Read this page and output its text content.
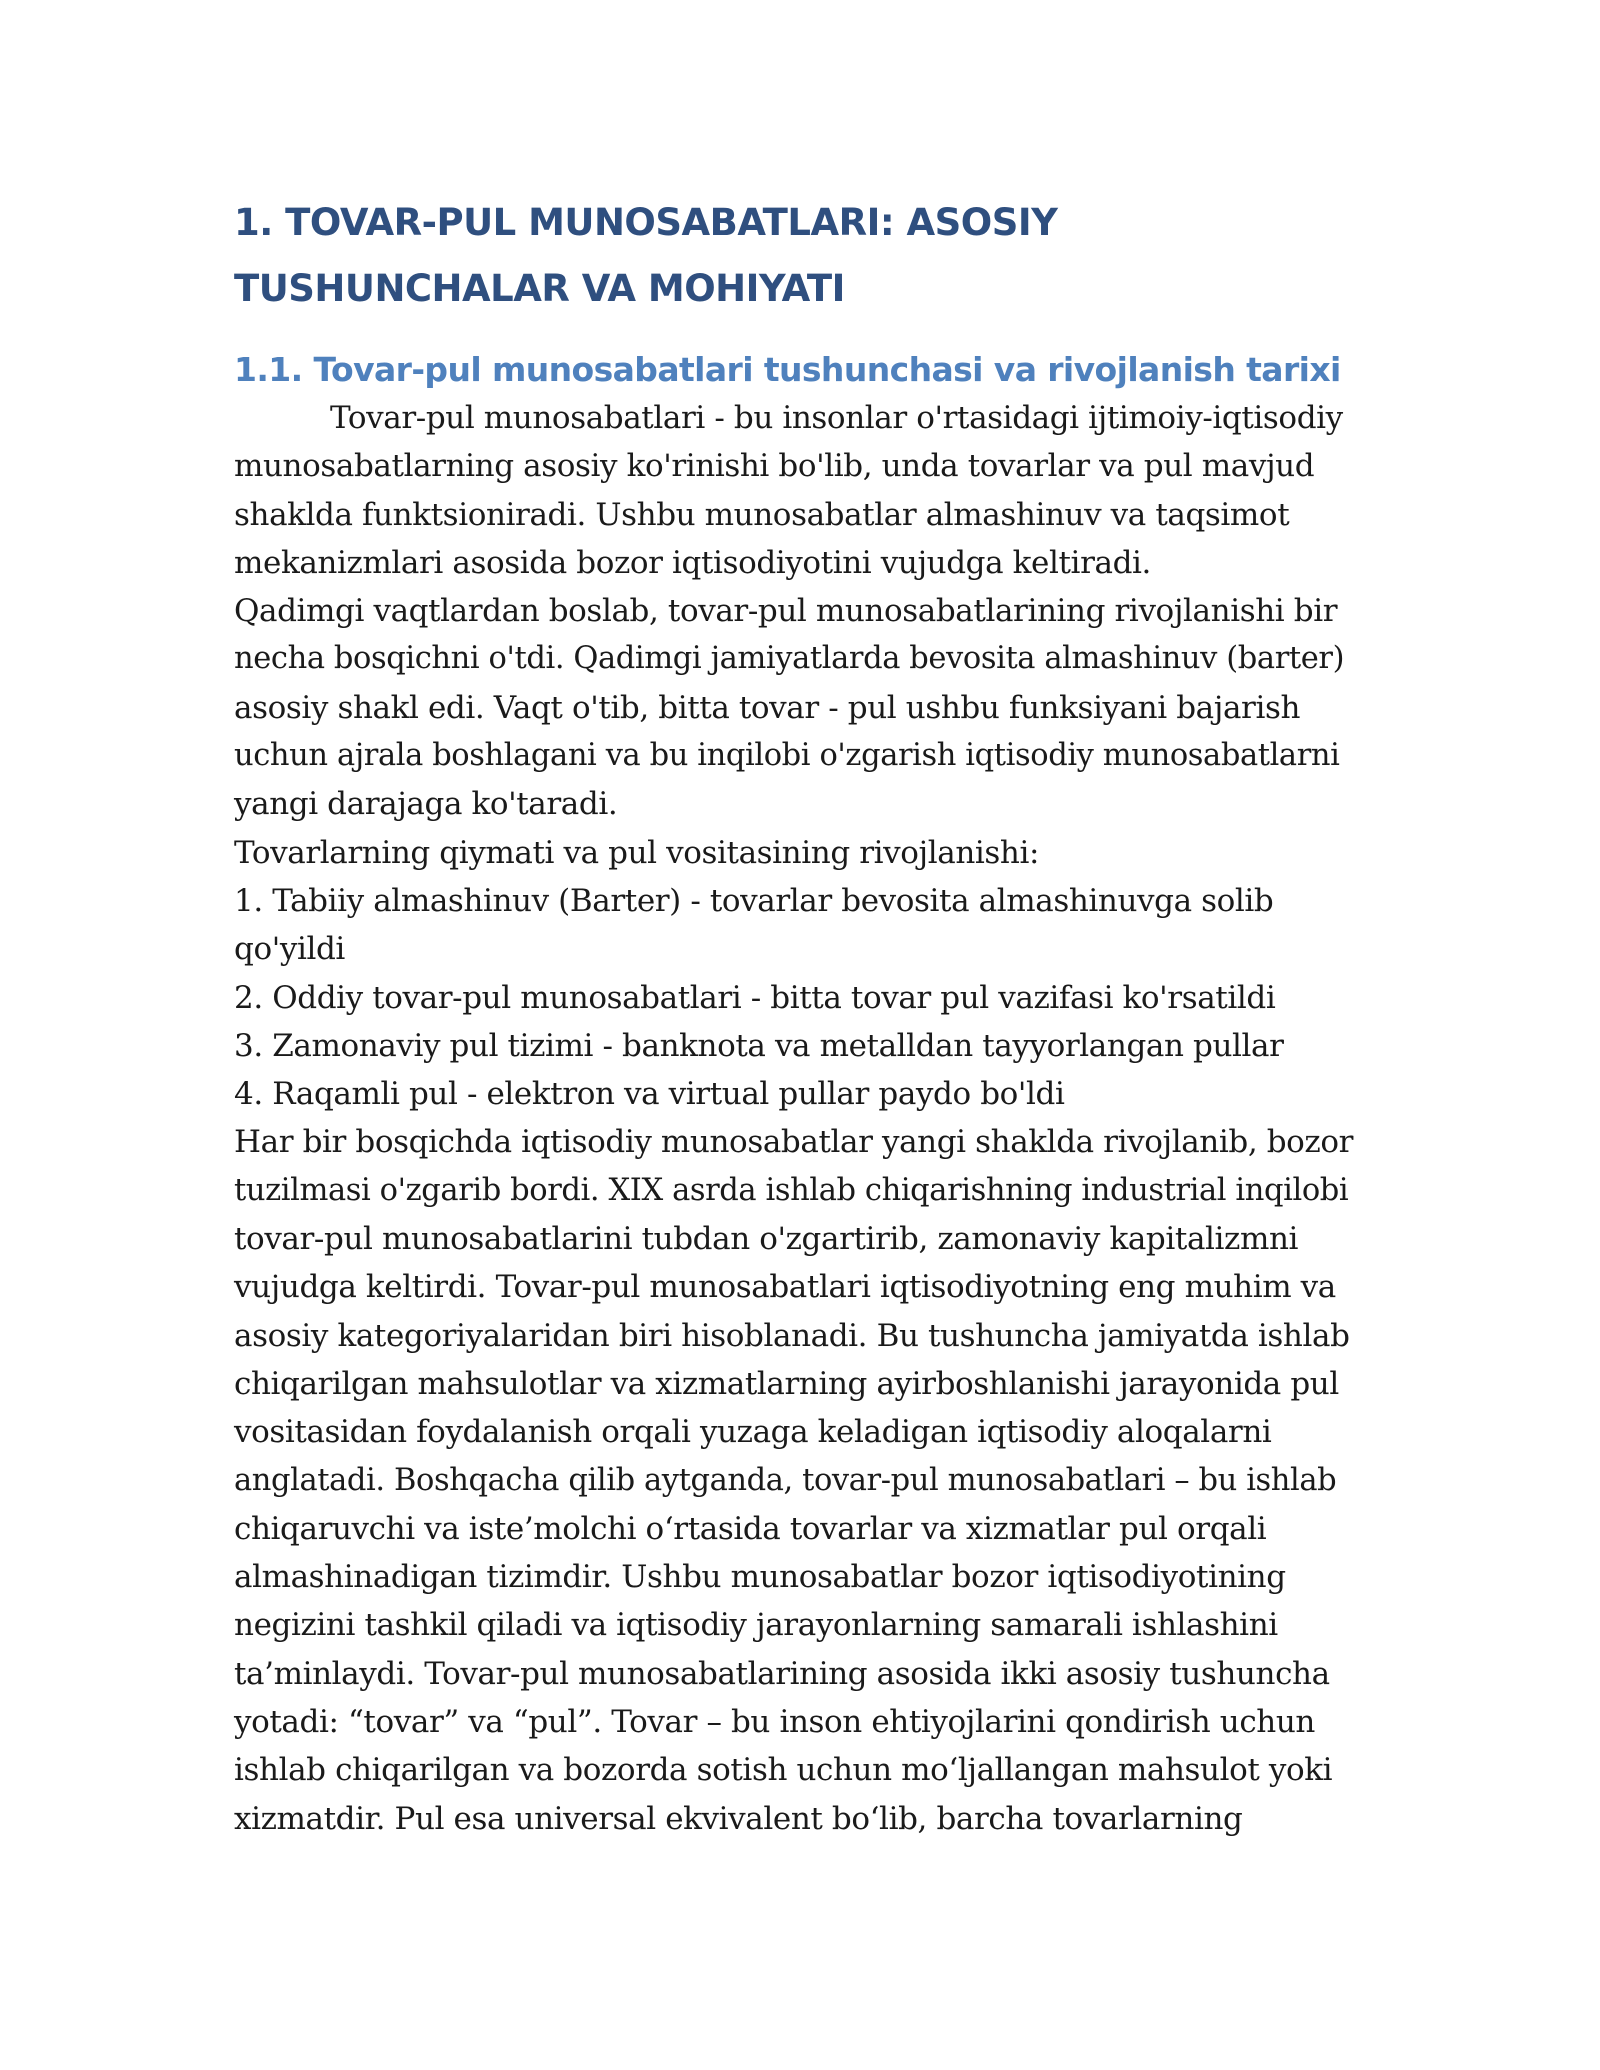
1. TOVAR-PUL MUNOSABATLARI: ASOSIY
TUSHUNCHALAR VA MOHIYATI
1.1. Tovar-pul munosabatlari tushunchasi va rivojlanish tarixi
Tovar-pul munosabatlari - bu insonlar o'rtasidagi ijtimoiy-iqtisodiy
munosabatlarning asosiy ko'rinishi bo'lib, unda tovarlar va pul mavjud
shaklda funktsioniradi. Ushbu munosabatlar almashinuv va taqsimot
mekanizmlari asosida bozor iqtisodiyotini vujudga keltiradi.
Qadimgi vaqtlardan boslab, tovar-pul munosabatlarining rivojlanishi bir
necha bosqichni o'tdi. Qadimgi jamiyatlarda bevosita almashinuv (barter)
asosiy shakl edi. Vaqt o'tib, bitta tovar - pul ushbu funksiyani bajarish
uchun ajrala boshlagani va bu inqilobi o'zgarish iqtisodiy munosabatlarni
yangi darajaga ko'taradi.
Tovarlarning qiymati va pul vositasining rivojlanishi:
1. Tabiiy almashinuv (Barter) - tovarlar bevosita almashinuvga solib
qo'yildi
2. Oddiy tovar-pul munosabatlari - bitta tovar pul vazifasi ko'rsatildi
3. Zamonaviy pul tizimi - banknota va metalldan tayyorlangan pullar
4. Raqamli pul - elektron va virtual pullar paydo bo'ldi
Har bir bosqichda iqtisodiy munosabatlar yangi shaklda rivojlanib, bozor
tuzilmasi o'zgarib bordi. XIX asrda ishlab chiqarishning industrial inqilobi
tovar-pul munosabatlarini tubdan o'zgartirib, zamonaviy kapitalizmni
vujudga keltirdi. Tovar-pul munosabatlari iqtisodiyotning eng muhim va
asosiy kategoriyalaridan biri hisoblanadi. Bu tushuncha jamiyatda ishlab
chiqarilgan mahsulotlar va xizmatlarning ayirboshlanishi jarayonida pul
vositasidan foydalanish orqali yuzaga keladigan iqtisodiy aloqalarni
anglatadi. Boshqacha qilib aytganda, tovar-pul munosabatlari – bu ishlab
chiqaruvchi va iste’molchi o‘rtasida tovarlar va xizmatlar pul orqali
almashinadigan tizimdir. Ushbu munosabatlar bozor iqtisodiyotining
negizini tashkil qiladi va iqtisodiy jarayonlarning samarali ishlashini
ta’minlaydi. Tovar-pul munosabatlarining asosida ikki asosiy tushuncha
yotadi: “tovar” va “pul”. Tovar – bu inson ehtiyojlarini qondirish uchun
ishlab chiqarilgan va bozorda sotish uchun mo‘ljallangan mahsulot yoki
xizmatdir. Pul esa universal ekvivalent bo‘lib, barcha tovarlarning
